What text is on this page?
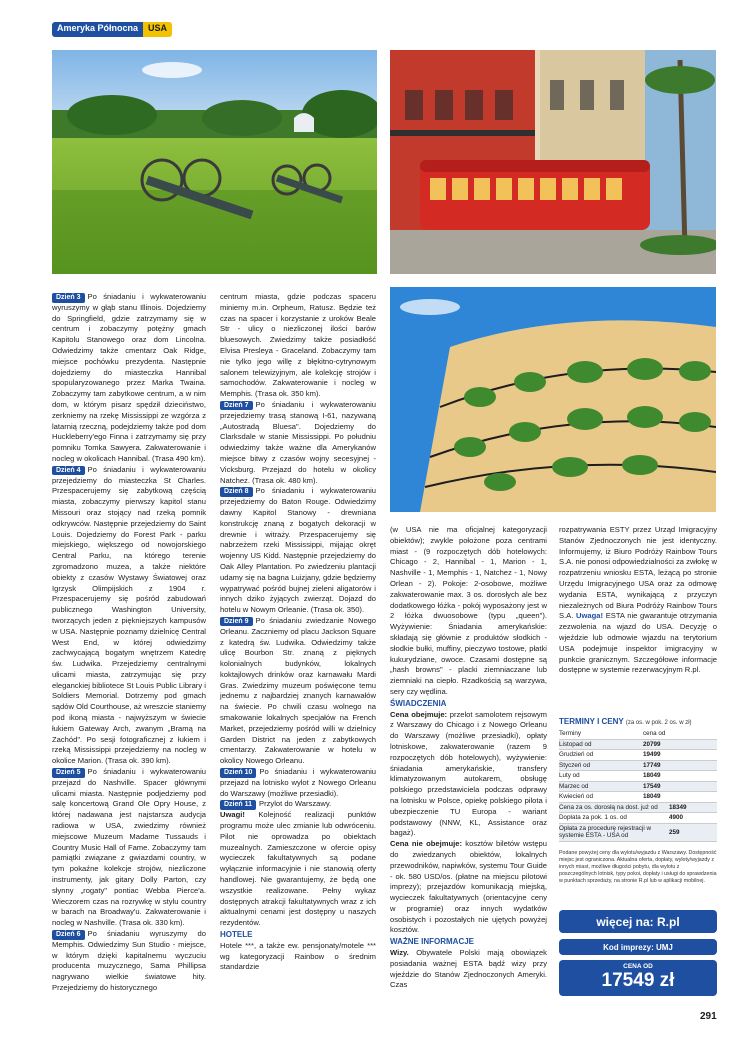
Ameryka Północna	USA

Dzień 3 Po śniadaniu i wykwaterowaniu wyruszymy w głąb stanu Illinois. Dojedziemy do Springfield, gdzie zatrzymamy się w centrum i zobaczymy potężny gmach Kapitolu Stanowego oraz dom Lincolna. Odwiedzimy także cmentarz Oak Ridge, miejsce pochówku prezydenta. Następnie dojedziemy do miasteczka Hannibal spopularyzowanego przez Marka Twaina. Zobaczymy tam zabytkowe centrum, a w nim dom, w którym pisarz spędził dzieciństwo, zerkniemy na rzekę Mississippi ze wzgórza z latarnią rzeczną, podejdziemy także pod dom Huckleberry'ego Finna i zatrzymamy się przy pomniku Tomka Sawyera. Zakwaterowanie i nocleg w okolicach Hannibal. (Trasa 490 km).

Dzień 4 Po śniadaniu i wykwaterowaniu przejedziemy do miasteczka St Charles. Przespacerujemy się zabytkową częścią miasta, zobaczymy pierwszy kapitol stanu Missouri oraz stojący nad rzeką pomnik odkrywców. Następnie przejedziemy do Saint Louis. Dojedziemy do Forest Park - parku miejskiego, większego od nowojorskiego Central Parku, na którego terenie zgromadzono muzea, a także niektóre obiekty z czasów Wystawy Światowej oraz Igrzysk Olimpijskich z 1904 r. Przespacerujemy się pośród zabudowań publicznego Washington University, tworzących jeden z piękniejszych kampusów w USA. Następnie poznamy dzielnicę Central West End, w której odwiedzimy zachwycającą bogatym wnętrzem Katedrę św. Ludwika. Przejedziemy centralnymi ulicami miasta, zatrzymując się przy eleganckiej bibliotece St Louis Public Library i Soldiers Memorial. Dotrzemy pod gmach sądów Old Courthouse, aż wreszcie staniemy pod ikoną miasta - najwyższym w świecie łukiem Gateway Arch, zwanym „Bramą na Zachód". Po sesji fotograficznej z łukiem i rzeką Mississippi przejedziemy na nocleg w okolice Marion. (Trasa ok. 390 km).

Dzień 5 Po śniadaniu i wykwaterowaniu przejazd do Nashville. Spacer głównymi ulicami miasta. Następnie podjedziemy pod salę koncertową Grand Ole Opry House, z której nadawana jest najstarsza audycja radiowa w USA, zwiedzimy również miejscowe Muzeum Madame Tussauds i Country Music Hall of Fame. Zobaczymy tam pamiątki związane z gwiazdami country, w tym pokaźne kolekcje strojów, niezliczone instrumenty, jak gitary Dolly Parton, czy słynny „rogaty" pontiac Webba Pierce'a. Wieczorem czas na rozrywkę w stylu country w barach na Broadway'u. Zakwaterowanie i nocleg w Nashville. (Trasa ok. 330 km).

Dzień 6 Po śniadaniu wyruszymy do Memphis. Odwiedzimy Sun Studio - miejsce, w którym dzięki kapitalnemu wyczuciu producenta muzycznego, Sama Phillipsa nagrywano wielkie światowe hity. Przejedziemy do historycznego

centrum miasta, gdzie podczas spaceru miniemy m.in. Orpheum, Ratusz. Będzie też czas na spacer i korzystanie z uroków Beale Str - ulicy o niezliczonej ilości barów bluesowych. Zwiedzimy także posiadłość Elvisa Presleya - Graceland. Zobaczymy tam nie tylko jego willę z błękitno-cytrynowym salonem telewizyjnym, ale kolekcję strojów i samochodów. Zakwaterowanie i nocleg w Memphis. (Trasa ok. 350 km).

Dzień 7 Po śniadaniu i wykwaterowaniu przejedziemy trasą stanową I-61, nazywaną „Autostradą Bluesa". Dojedziemy do Clarksdale w stanie Mississippi. Po południu odwiedzimy także ważne dla Amerykanów miejsce bitwy z czasów wojny secesyjnej - Vicksburg. Przejazd do hotelu w okolicy Natchez. (Trasa ok. 480 km).

Dzień 8 Po śniadaniu i wykwaterowaniu przejedziemy do Baton Rouge. Odwiedzimy dawny Kapitol Stanowy - drewniana konstrukcję znaną z bogatych dekoracji w drewnie i witraży. Przespacerujemy się nabrzeżem rzeki Mississippi, mijając okręt wojenny US Kidd. Następnie przejedziemy do Oak Alley Plantation. Po zwiedzeniu plantacji udamy się na bagna Luizjany, gdzie będziemy wypatrywać pośród bujnej zieleni aligatorów i innych dziko żyjących zwierząt. Dojazd do hotelu w Nowym Orleanie. (Trasa ok. 350).

Dzień 9 Po śniadaniu zwiedzanie Nowego Orleanu. Zaczniemy od placu Jackson Square z katedrą św. Ludwika. Odwiedzimy także ulicę Bourbon Str. znaną z pięknych kolonialnych budynków, lokalnych koktajlowych drinków oraz karnawału Mardi Gras. Zwiedzimy muzeum poświęcone temu jednemu z najbardziej znanych karnawałów na świecie. Po chwili czasu wolnego na smakowanie lokalnych specjałów na French Market, przejedziemy pośród willi w dzielnicy Garden District na jeden z zabytkowych cmentarzy. Zakwaterowanie w hotelu w okolicy Nowego Orleanu.

Dzień 10 Po śniadaniu i wykwaterowaniu przejazd na lotnisko wylot z Nowego Orleanu do Warszawy (możliwe przesiadki).

Dzień 11 Przylot do Warszawy.

Uwagi! Kolejność realizacji punktów programu może ulec zmianie lub odwróceniu. Pilot nie oprowadza po obiektach muzealnych. Zamieszczone w ofercie opisy wycieczek fakultatywnych są podane wyłącznie informacyjnie i nie stanowią oferty handlowej. Nie gwarantujemy, że będą one wszystkie realizowane. Pełny wykaz dostępnych atrakcji fakultatywnych wraz z ich aktualnymi cenami jest dostępny u naszych rezydentów.

HOTELE

Hotele ***, a także ew. pensjonaty/motele *** wg kategoryzacji Rainbow o średnim standardzie

(w USA nie ma oficjalnej kategoryzacji obiektów); zwykle położone poza centrami miast - (9 rozpoczętych dób hotelowych: Chicago - 2, Hannibal - 1, Marion - 1, Nashville - 1, Memphis - 1, Natchez - 1, Nowy Orlean - 2). Pokoje: 2-osobowe, możliwe zakwaterowanie max. 3 os. dorosłych ale bez dodatkowego łóżka - pokój wyposażony jest w 2 łóżka dwuosobowe (typu „queen"). Wyżywienie: Śniadania amerykańskie: składają się głównie z produktów słodkich - słodkie bułki, muffiny, pieczywo tostowe, płatki kukurydziane, owoce. Czasami dostępne są „hash browns" - placki ziemniaczane lub ziemniaki na ciepło. Rzadkością są warzywa, sery czy wędlina.

ŚWIADCZENIA

Cena obejmuje: przelot samolotem rejsowym z Warszawy do Chicago i z Nowego Orleanu do Warszawy (możliwe przesiadki), opłaty lotniskowe, zakwaterowanie (razem 9 rozpoczętych dób hotelowych), wyżywienie: śniadania amerykańskie, transfery klimatyzowanym autokarem, obsługę polskiego przedstawiciela podczas odprawy na lotnisku w Polsce, opiekę polskiego pilota i ubezpieczenie TU Europa - wariant podstawowy (NNW, KL, Assistance oraz bagaż).

Cena nie obejmuje: kosztów biletów wstępu do zwiedzanych obiektów, lokalnych przewodników, napiwków, systemu Tour Guide - ok. 580 USD/os. (płatne na miejscu pilotowi imprezy); przejazdów komunikacją miejską, wycieczek fakultatywnych (orientacyjne ceny w programie) oraz innych wydatków osobistych i pozostałych nie ujętych powyżej kosztów.

WAŻNE INFORMACJE

Wizy. Obywatele Polski mają obowiązek posiadania ważnej ESTA bądź wizy przy wjeździe do Stanów Zjednoczonych Ameryki. Czas

rozpatrywania ESTY przez Urząd Imigracyjny Stanów Zjednoczonych nie jest identyczny. Informujemy, iż Biuro Podróży Rainbow Tours S.A. nie ponosi odpowiedzialności za zwłokę w rozpatrzeniu wniosku ESTA, leżącą po stronie Urzędu Imigracyjnego USA oraz za odmowę wydania ESTA, wynikającą z przyczyn niezależnych od Biura Podróży Rainbow Tours S.A. Uwaga! ESTA nie gwarantuje otrzymania zezwolenia na wjazd do USA. Decyzję o wjeździe lub odmowie wjazdu na terytorium USA podejmuje inspektor imigracyjny w punkcie granicznym. Szczegółowe informacje dostępne w systemie rezerwacyjnym R.pl.

TERMINY I CENY (za os. w pok. 2 os. w zł)
Terminy	cena od
Listopad od	20799
Grudzień od	19499
Styczeń od	17749
Luty od	18049
Marzec od	17549
Kwiecień od	18049
Cena za os. dorosłą na dost. już od	18349
Dopłata za pok. 1 os. od	4900
Opłata za procedurę rejestracji w systemie ESTA - USA od	259
Podane powyżej ceny dla wylotu/wyjazdu z Warszawy. Dostępność miejsc jest ograniczona. Aktualna oferta, dopłaty, wyloty/wyjazdy z innych miast, możliwe długości pobytu, dla wylotu z poszczególnych lotnisk, typy pokoi, dopłaty i usługi do sprawdzenia w punktach sprzedaży, na stronie R.pl lub w aplikacji mobilnej.
więcej na: R.pl
Kod imprezy: UMJ
CENA OD
17549 zł
291
